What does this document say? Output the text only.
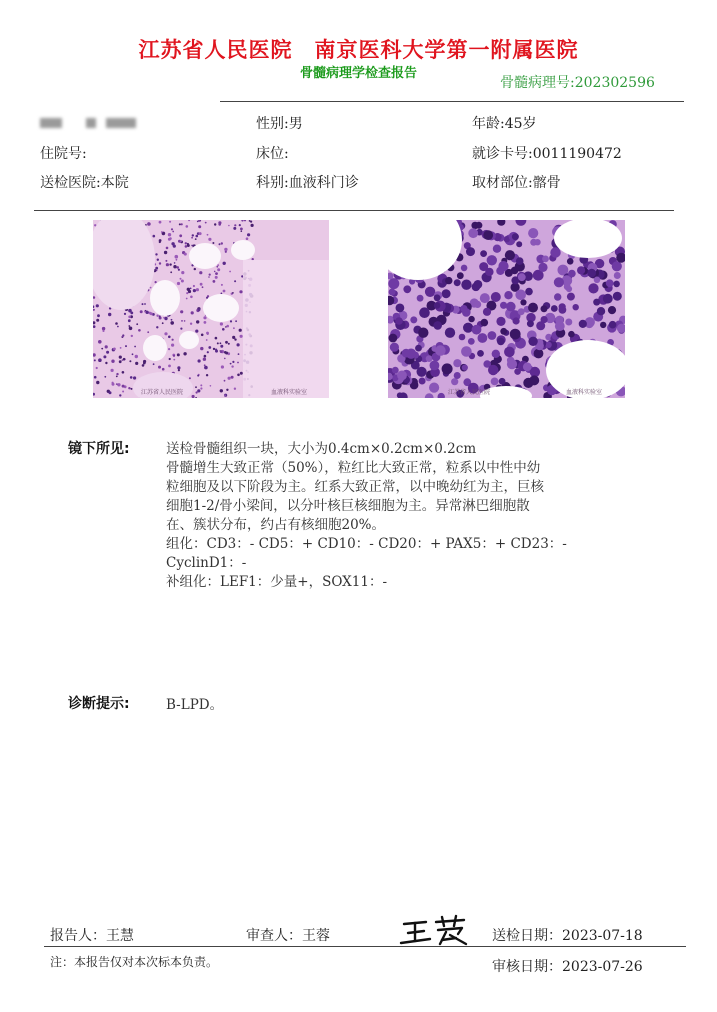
江苏省人民医院　南京医科大学第一附属医院
骨髓病理学检查报告
骨髓病理号:202302596
性别:男	年龄:45岁
住院号:	床位:	就诊卡号:0011190472
送检医院:本院	科别:血液科门诊	取材部位:髂骨
江苏省人民医院	血液科实验室	江苏省人民医院	血液科实验室
镜下所见:	送检骨髓组织一块，大小为0.4cm×0.2cm×0.2cm
骨髓增生大致正常（50%），粒红比大致正常，粒系以中性中幼
粒细胞及以下阶段为主。红系大致正常，以中晚幼红为主，巨核
细胞1-2/骨小梁间，以分叶核巨核细胞为主。异常淋巴细胞散
在、簇状分布，约占有核细胞20%。
组化：CD3：- CD5：+ CD10：- CD20：+ PAX5：+ CD23：-
CyclinD1：-
补组化：LEF1：少量+，SOX11：-
诊断提示:	B-LPD。
报告人：王慧	审查人：王蓉	送检日期：2023-07-18
注：本报告仅对本次标本负责。	审核日期：2023-07-26
